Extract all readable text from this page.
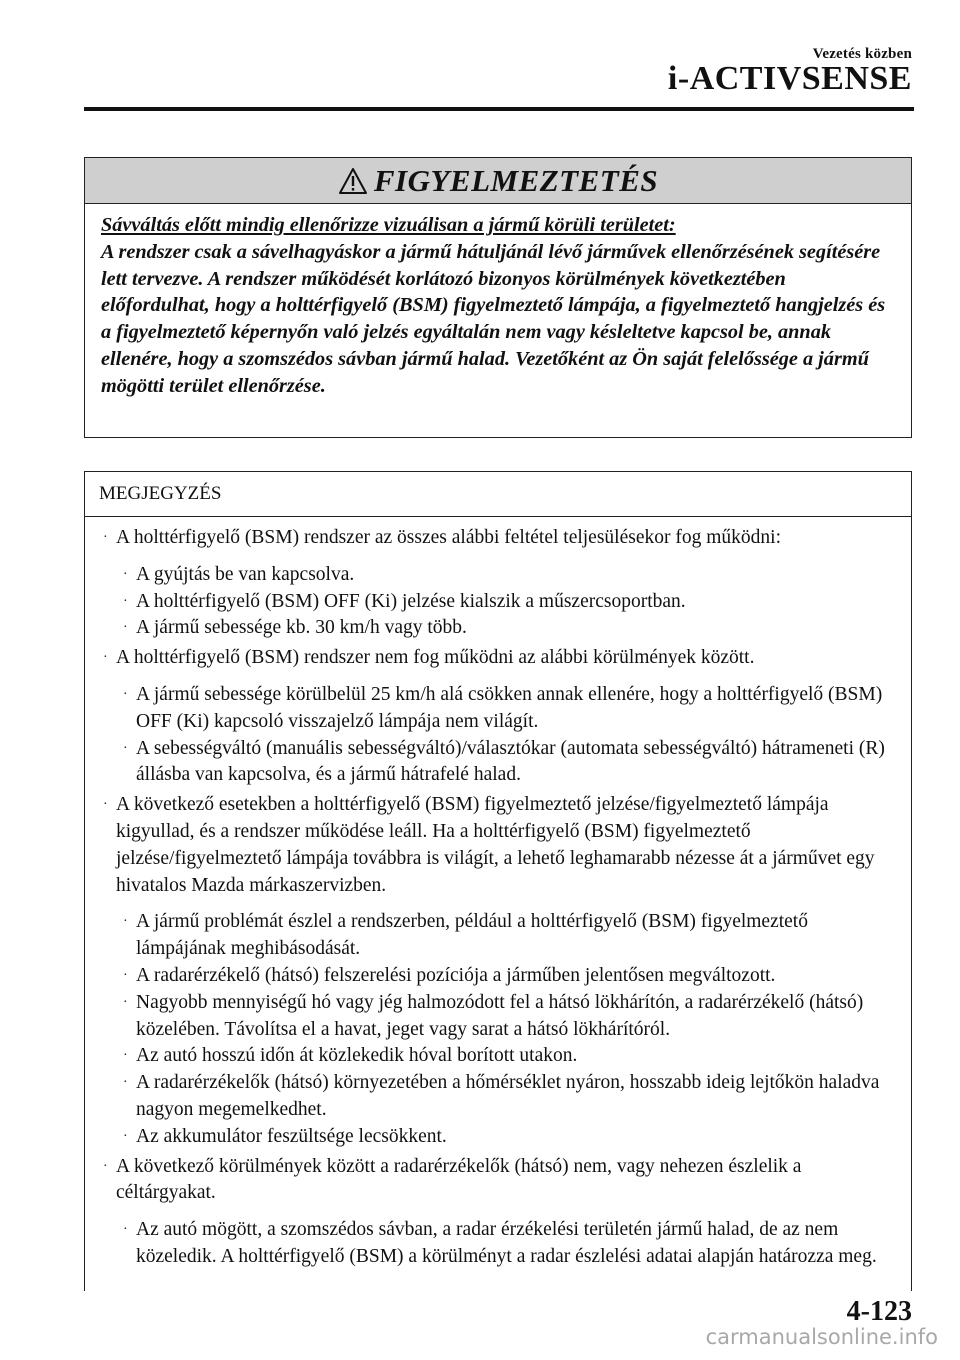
Vezetés közben
i-ACTIVSENSE
FIGYELMEZTETÉS
Sávváltás előtt mindig ellenőrizze vizuálisan a jármű körüli területet:
A rendszer csak a sávelhagyáskor a jármű hátuljánál lévő járművek ellenőrzésének segítésére lett tervezve. A rendszer működését korlátozó bizonyos körülmények következtében előfordulhat, hogy a holttérfigyelő (BSM) figyelmeztető lámpája, a figyelmeztető hangjelzés és a figyelmeztető képernyőn való jelzés egyáltalán nem vagy késleltetve kapcsol be, annak ellenére, hogy a szomszédos sávban jármű halad. Vezetőként az Ön saját felelőssége a jármű mögötti terület ellenőrzése.
MEGJEGYZÉS
· A holttérfigyelő (BSM) rendszer az összes alábbi feltétel teljesülésekor fog működni:
· A gyújtás be van kapcsolva.
· A holttérfigyelő (BSM) OFF (Ki) jelzése kialszik a műszercsoportban.
· A jármű sebessége kb. 30 km/h vagy több.
· A holttérfigyelő (BSM) rendszer nem fog működni az alábbi körülmények között.
· A jármű sebessége körülbelül 25 km/h alá csökken annak ellenére, hogy a holttérfigyelő (BSM) OFF (Ki) kapcsoló visszajelző lámpája nem világít.
· A sebességváltó (manuális sebességváltó)/választókar (automata sebességváltó) hátrameneti (R) állásba van kapcsolva, és a jármű hátrafelé halad.
· A következő esetekben a holttérfigyelő (BSM) figyelmeztető jelzése/figyelmeztető lámpája kigyullad, és a rendszer működése leáll. Ha a holttérfigyelő (BSM) figyelmeztető jelzése/figyelmeztető lámpája továbbra is világít, a lehető leghamarabb nézesse át a járművet egy hivatalos Mazda márkaszervizben.
· A jármű problémát észlel a rendszerben, például a holttérfigyelő (BSM) figyelmeztető lámpájának meghibásodását.
· A radarérzékelő (hátsó) felszerelési pozíciója a járműben jelentősen megváltozott.
· Nagyobb mennyiségű hó vagy jég halmozódott fel a hátsó lökhárítón, a radarérzékelő (hátsó) közelében. Távolítsa el a havat, jeget vagy sarat a hátsó lökhárítóról.
· Az autó hosszú időn át közlekedik hóval borított utakon.
· A radarérzékelők (hátsó) környezetében a hőmérséklet nyáron, hosszabb ideig lejtőkön haladva nagyon megemelkedhet.
· Az akkumulátor feszültsége lecsökkent.
· A következő körülmények között a radarérzékelők (hátsó) nem, vagy nehezen észlelik a céltárgyakat.
· Az autó mögött, a szomszédos sávban, a radar érzékelési területén jármű halad, de az nem közeledik. A holttérfigyelő (BSM) a körülményt a radar észlelési adatai alapján határozza meg.
4-123
carmanualsonline.info
